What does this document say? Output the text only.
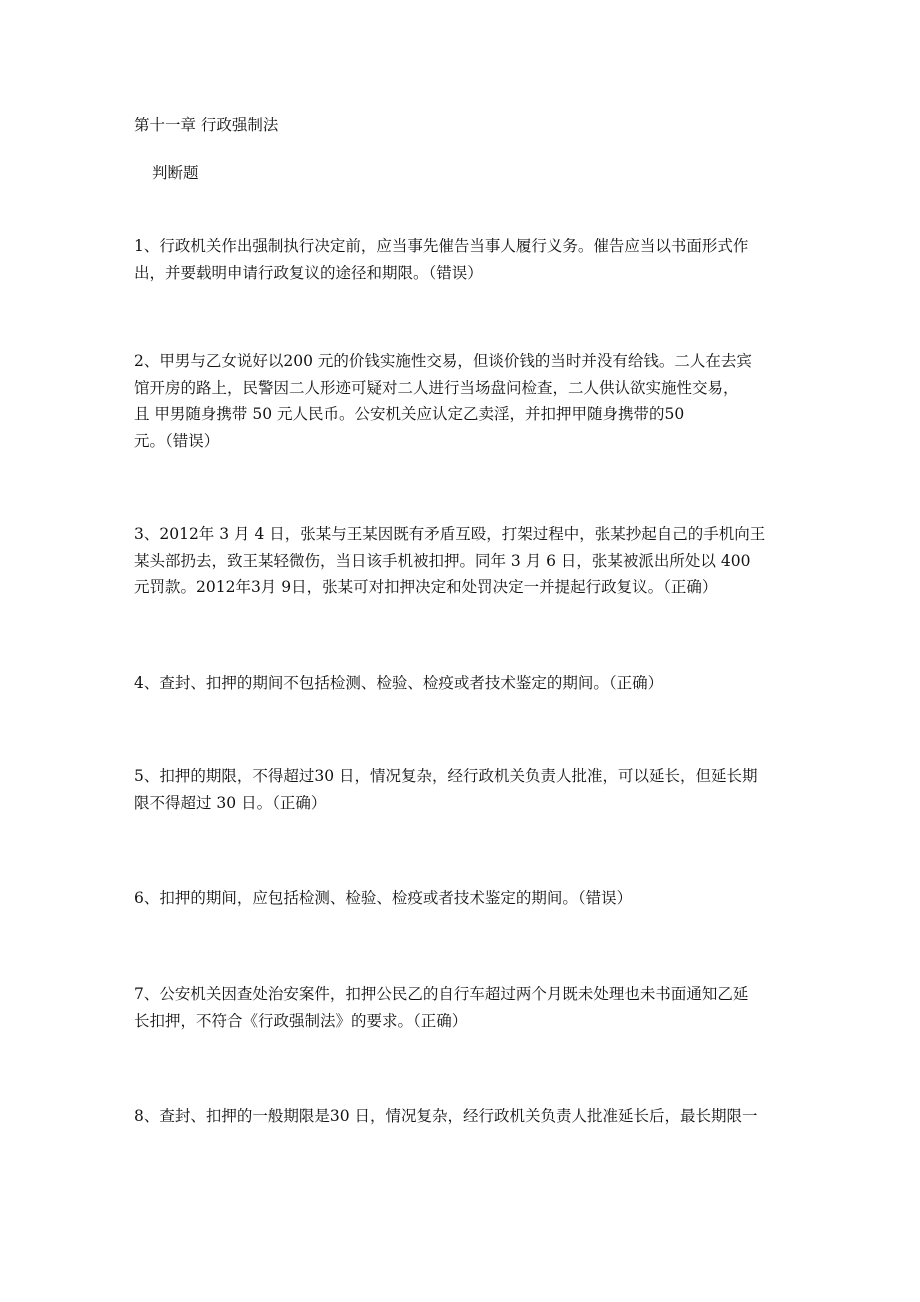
第十一章 行政强制法
判断题
1、行政机关作出强制执行决定前，应当事先催告当事人履行义务。催告应当以书面形式作
出，并要载明申请行政复议的途径和期限。（错误）
2、甲男与乙女说好以200 元的价钱实施性交易，但谈价钱的当时并没有给钱。二人在去宾
馆开房的路上，民警因二人形迹可疑对二人进行当场盘问检查，二人供认欲实施性交易，
且 甲男随身携带 50 元人民币。公安机关应认定乙卖淫，并扣押甲随身携带的50
元。（错误）
3、2012年 3 月 4 日，张某与王某因既有矛盾互殴，打架过程中，张某抄起自己的手机向王
某头部扔去，致王某轻微伤，当日该手机被扣押。同年 3 月 6 日，张某被派出所处以 400
元罚款。2012年3月 9日，张某可对扣押决定和处罚决定一并提起行政复议。（正确）
4、查封、扣押的期间不包括检测、检验、检疫或者技术鉴定的期间。（正确）
5、扣押的期限，不得超过30 日，情况复杂，经行政机关负责人批准，可以延长，但延长期
限不得超过 30 日。（正确）
6、扣押的期间，应包括检测、检验、检疫或者技术鉴定的期间。（错误）
7、公安机关因查处治安案件，扣押公民乙的自行车超过两个月既未处理也未书面通知乙延
长扣押，不符合《行政强制法》的要求。（正确）
8、查封、扣押的一般期限是30 日，情况复杂，经行政机关负责人批准延长后，最长期限一
